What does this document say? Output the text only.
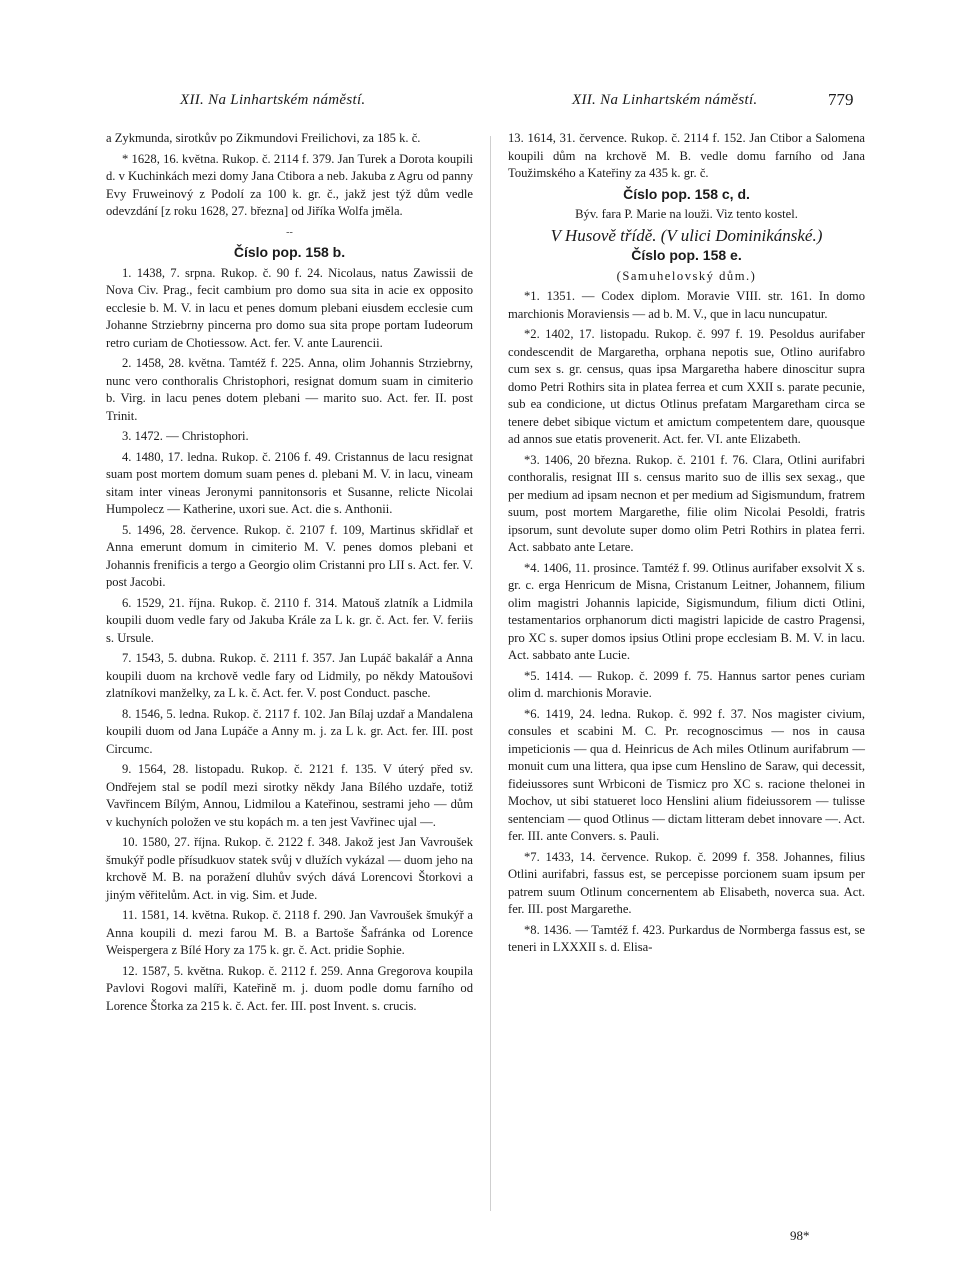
XII. Na Linhartském náměstí.	XII. Na Linhartském náměstí.	779

a Zykmunda, sirotkův po Zikmundovi Freilichovi, za 185 k. č.

* 1628, 16. května. Rukop. č. 2114 f. 379. Jan Turek a Dorota koupili d. v Kuchinkách mezi domy Jana Ctibora a neb. Jakuba z Agru od panny Evy Fruweinový z Podolí za 100 k. gr. č., jakž jest týž dům vedle odevzdání [z roku 1628, 27. března] od Jiříka Wolfa jměla.

--

Číslo pop. 158 b.

1. 1438, 7. srpna. Rukop. č. 90 f. 24. Nicolaus, natus Zawissii de Nova Civ. Prag., fecit cambium pro domo sua sita in acie ex opposito ecclesie b. M. V. in lacu et penes domum plebani eiusdem ecclesie cum Johanne Strziebrny pincerna pro domo sua sita prope portam Iudeorum retro curiam de Chotiessow. Act. fer. V. ante Laurencii.

2. 1458, 28. května. Tamtéž f. 225. Anna, olim Johannis Strziebrny, nunc vero conthoralis Christophori, resignat domum suam in cimiterio b. Virg. in lacu penes dotem plebani — marito suo. Act. fer. II. post Trinit.

3. 1472. — Christophori.

4. 1480, 17. ledna. Rukop. č. 2106 f. 49. Cristannus de lacu resignat suam post mortem domum suam penes d. plebani M. V. in lacu, vineam sitam inter vineas Jeronymi pannitonsoris et Susanne, relicte Nicolai Humpolecz — Katherine, uxori sue. Act. die s. Anthonii.

5. 1496, 28. července. Rukop. č. 2107 f. 109, Martinus skřidlař et Anna emerunt domum in cimiterio M. V. penes domos plebani et Johannis frenificis a tergo a Georgio olim Cristanni pro LII s. Act. fer. V. post Jacobi.

6. 1529, 21. října. Rukop. č. 2110 f. 314. Matouš zlatník a Lidmila koupili duom vedle fary od Jakuba Krále za L k. gr. č. Act. fer. V. feriis s. Ursule.

7. 1543, 5. dubna. Rukop. č. 2111 f. 357. Jan Lupáč bakalář a Anna koupili duom na krchově vedle fary od Lidmily, po někdy Matoušovi zlatníkovi manželky, za L k. č. Act. fer. V. post Conduct. pasche.

8. 1546, 5. ledna. Rukop. č. 2117 f. 102. Jan Bílaj uzdař a Mandalena koupili duom od Jana Lupáče a Anny m. j. za L k. gr. Act. fer. III. post Circumc.

9. 1564, 28. listopadu. Rukop. č. 2121 f. 135. V úterý před sv. Ondřejem stal se podíl mezi sirotky někdy Jana Bílého uzdaře, totiž Vavřincem Bílým, Annou, Lidmilou a Kateřinou, sestrami jeho — dům v kuchyních položen ve stu kopách m. a ten jest Vavřinec ujal —.

10. 1580, 27. října. Rukop. č. 2122 f. 348. Jakož jest Jan Vavroušek šmukýř podle přísudkuov statek svůj v dlužích vykázal — duom jeho na krchově M. B. na poražení dluhův svých dává Lorencovi Štorkovi a jiným věřitelům. Act. in vig. Sim. et Jude.

11. 1581, 14. května. Rukop. č. 2118 f. 290. Jan Vavroušek šmukýř a Anna koupili d. mezi farou M. B. a Bartoše Šafránka od Lorence Weispergera z Bílé Hory za 175 k. gr. č. Act. pridie Sophie.

12. 1587, 5. května. Rukop. č. 2112 f. 259. Anna Gregorova koupila Pavlovi Rogovi malíři, Kateřině m. j. duom podle domu farního od Lorence Štorka za 215 k. č. Act. fer. III. post Invent. s. crucis.

13. 1614, 31. července. Rukop. č. 2114 f. 152. Jan Ctibor a Salomena koupili dům na krchově M. B. vedle domu farního od Jana Toužimského a Kateřiny za 435 k. gr. č.

Číslo pop. 158 c, d.

Býv. fara P. Marie na louži. Viz tento kostel.

V Husově třídě. (V ulici Dominikánské.)

Číslo pop. 158 e.

(Samuhelovský dům.)

*1. 1351. — Codex diplom. Moravie VIII. str. 161. In domo marchionis Moraviensis — ad b. M. V., que in lacu nuncupatur.

*2. 1402, 17. listopadu. Rukop. č. 997 f. 19. Pesoldus aurifaber condescendit de Margaretha, orphana nepotis sue, Otlino aurifabro cum sex s. gr. census, quas ipsa Margaretha habere dinoscitur supra domo Petri Rothirs sita in platea ferrea et cum XXII s. parate pecunie, sub ea condicione, ut dictus Otlinus prefatam Margaretham circa se tenere debet sibique victum et amictum competentem dare, quousque ad annos sue etatis provenerit. Act. fer. VI. ante Elizabeth.

*3. 1406, 20 března. Rukop. č. 2101 f. 76. Clara, Otlini aurifabri conthoralis, resignat III s. census marito suo de illis sex sexag., que per medium ad ipsam necnon et per medium ad Sigismundum, fratrem suum, post mortem Margarethe, filie olim Nicolai Pesoldi, fratris ipsorum, sunt devolute super domo olim Petri Rothirs in platea ferri. Act. sabbato ante Letare.

*4. 1406, 11. prosince. Tamtéž f. 99. Otlinus aurifaber exsolvit X s. gr. c. erga Henricum de Misna, Cristanum Leitner, Johannem, filium olim magistri Johannis lapicide, Sigismundum, filium dicti Otlini, testamentarios orphanorum dicti magistri lapicide de castro Pragensi, pro XC s. super domos ipsius Otlini prope ecclesiam B. M. V. in lacu. Act. sabbato ante Lucie.

*5. 1414. — Rukop. č. 2099 f. 75. Hannus sartor penes curiam olim d. marchionis Moravie.

*6. 1419, 24. ledna. Rukop. č. 992 f. 37. Nos magister civium, consules et scabini M. C. Pr. recognoscimus — nos in causa impeticionis — qua d. Heinricus de Ach miles Otlinum aurifabrum — monuit cum una littera, qua ipse cum Henslino de Saraw, qui decessit, fideiussores sunt Wrbiconi de Tismicz pro XC s. racione thelonei in Mochov, ut sibi statueret loco Henslini alium fideiussorem — tulisse sentenciam — quod Otlinus — dictam litteram debet innovare —. Act. fer. III. ante Convers. s. Pauli.

*7. 1433, 14. července. Rukop. č. 2099 f. 358. Johannes, filius Otlini aurifabri, fassus est, se percepisse porcionem suam ipsum per patrem suum Otlinum concernentem ab Elisabeth, noverca sua. Act. fer. III. post Margarethe.

*8. 1436. — Tamtéž f. 423. Purkardus de Normberga fassus est, se teneri in LXXXII s. d. Elisa-

98*
